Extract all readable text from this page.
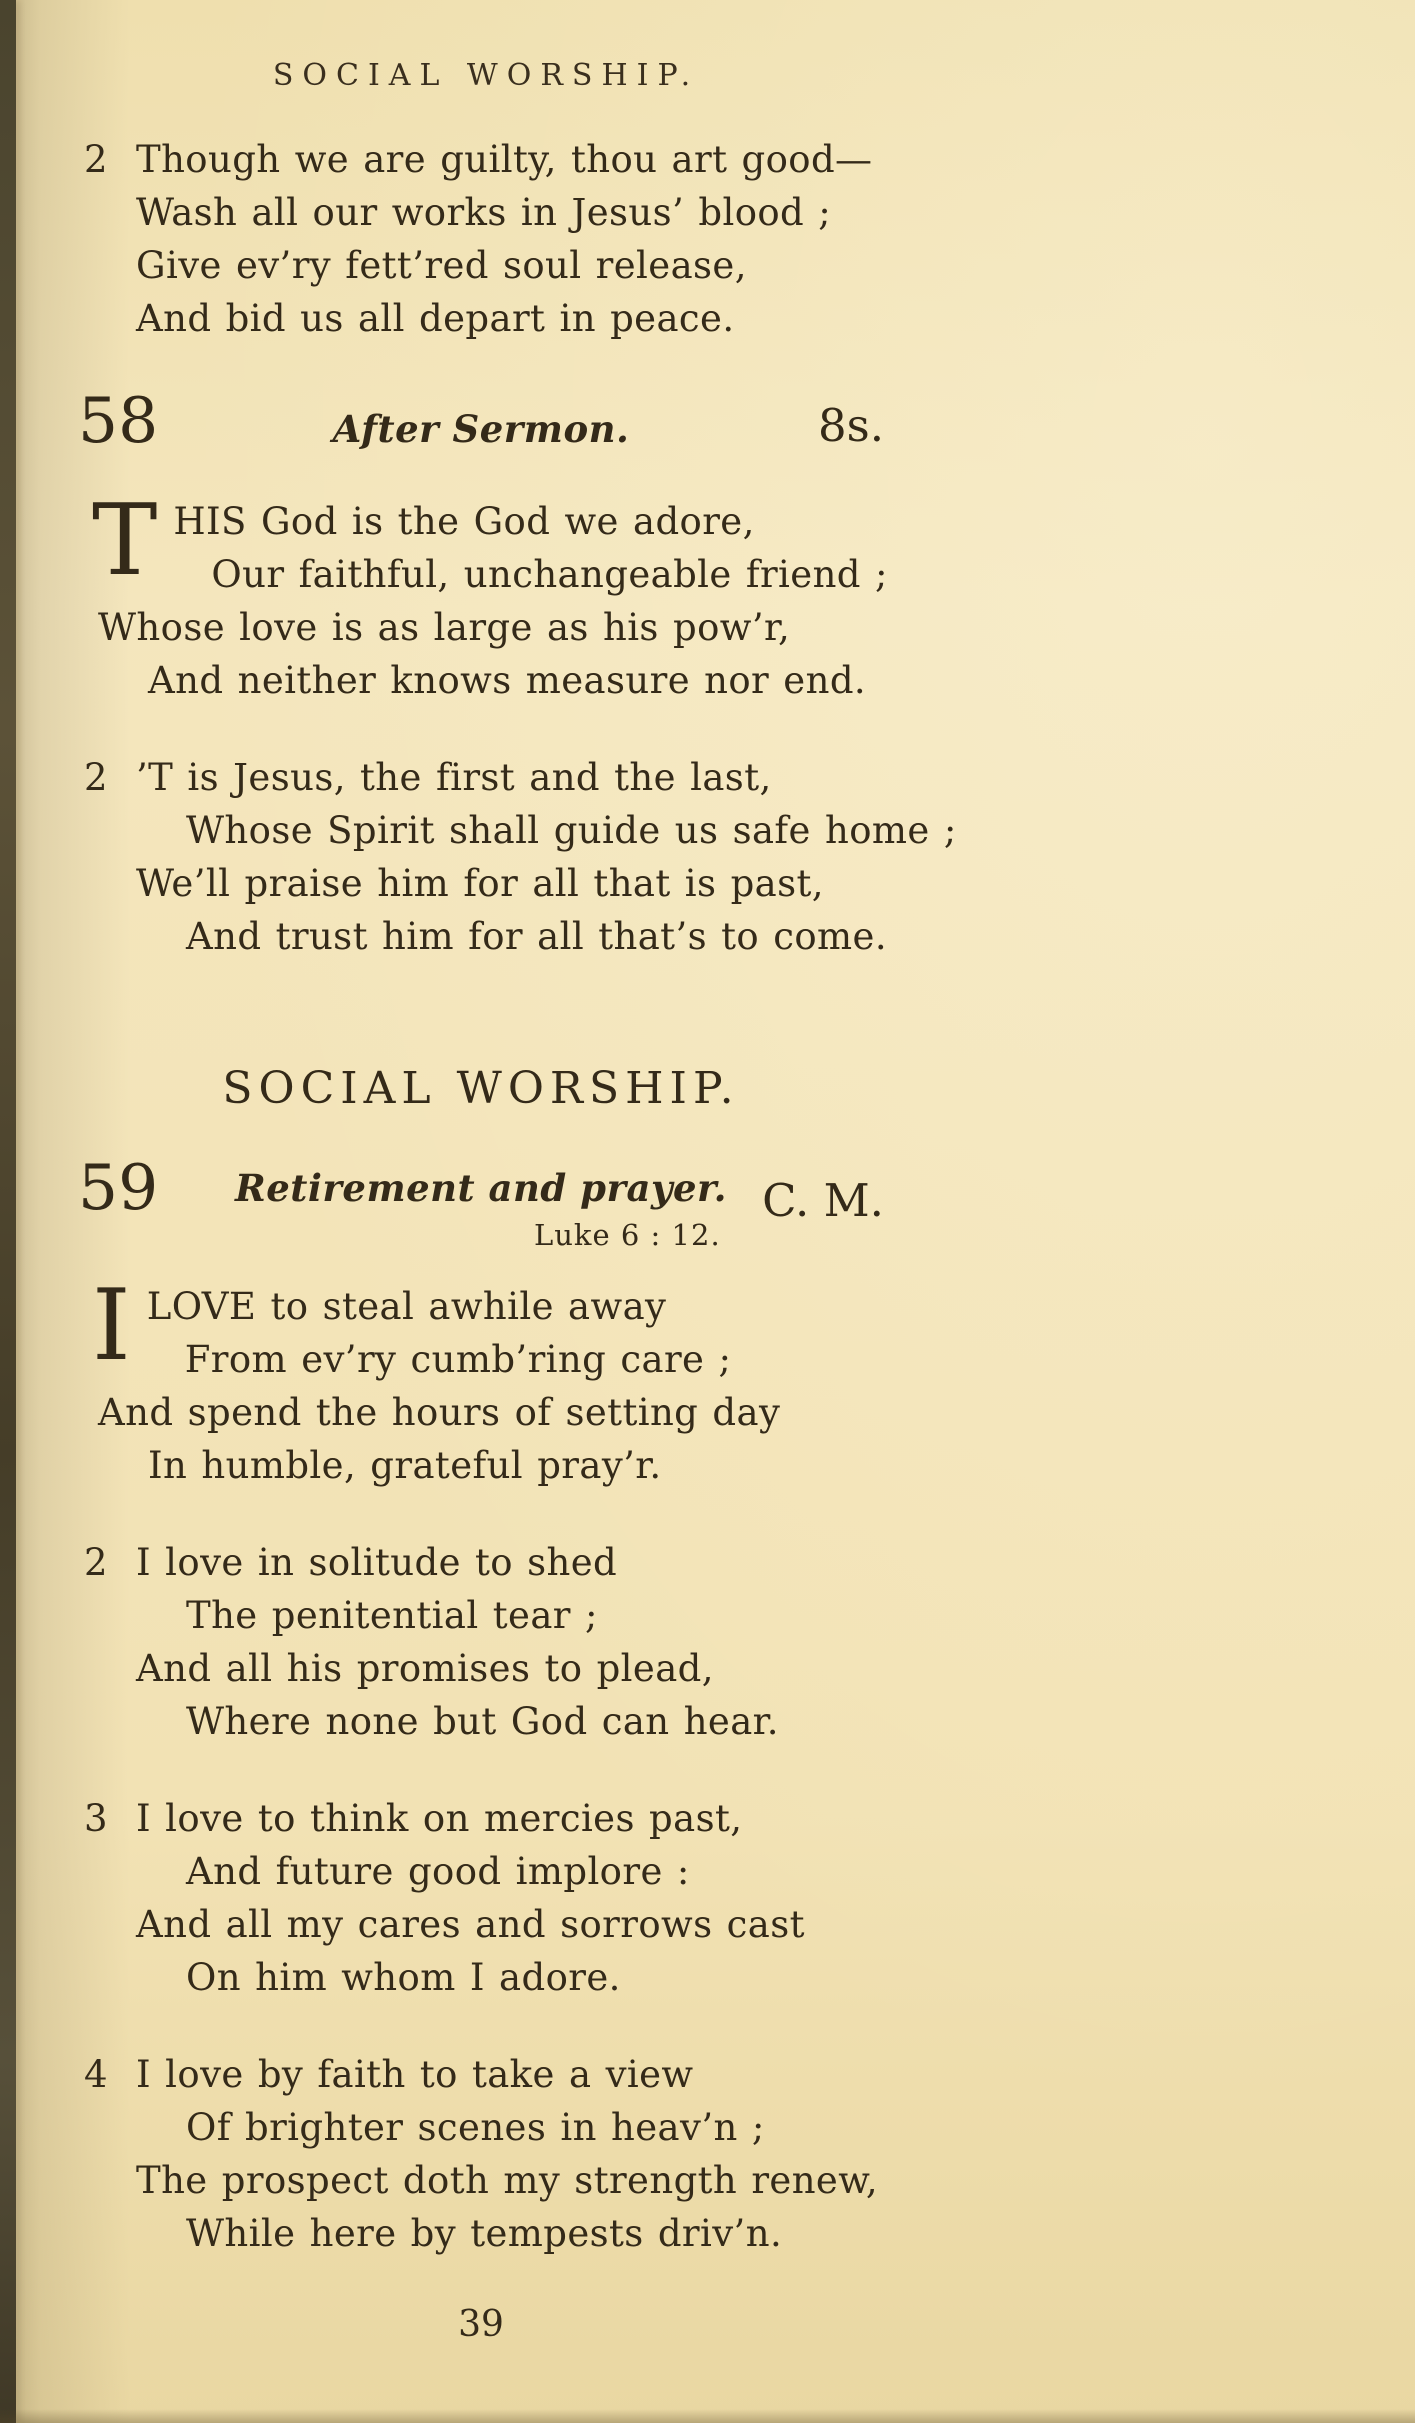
SOCIAL WORSHIP.
2 Though we are guilty, thou art good—
Wash all our works in Jesus’ blood ;
Give ev’ry fett’red soul release,
And bid us all depart in peace.
58	After Sermon.	8s.
T HIS God is the God we adore,
Our faithful, unchangeable friend ;
Whose love is as large as his pow’r,
And neither knows measure nor end.
2 ’T is Jesus, the first and the last,
Whose Spirit shall guide us safe home ;
We’ll praise him for all that is past,
And trust him for all that’s to come.
SOCIAL WORSHIP.
59	Retirement and prayer.
Luke 6 : 12.
C. M.
I LOVE to steal awhile away
From ev’ry cumb’ring care ;
And spend the hours of setting day
In humble, grateful pray’r.
2 I love in solitude to shed
The penitential tear ;
And all his promises to plead,
Where none but God can hear.
3 I love to think on mercies past,
And future good implore :
And all my cares and sorrows cast
On him whom I adore.
4 I love by faith to take a view
Of brighter scenes in heav’n ;
The prospect doth my strength renew,
While here by tempests driv’n.
39
